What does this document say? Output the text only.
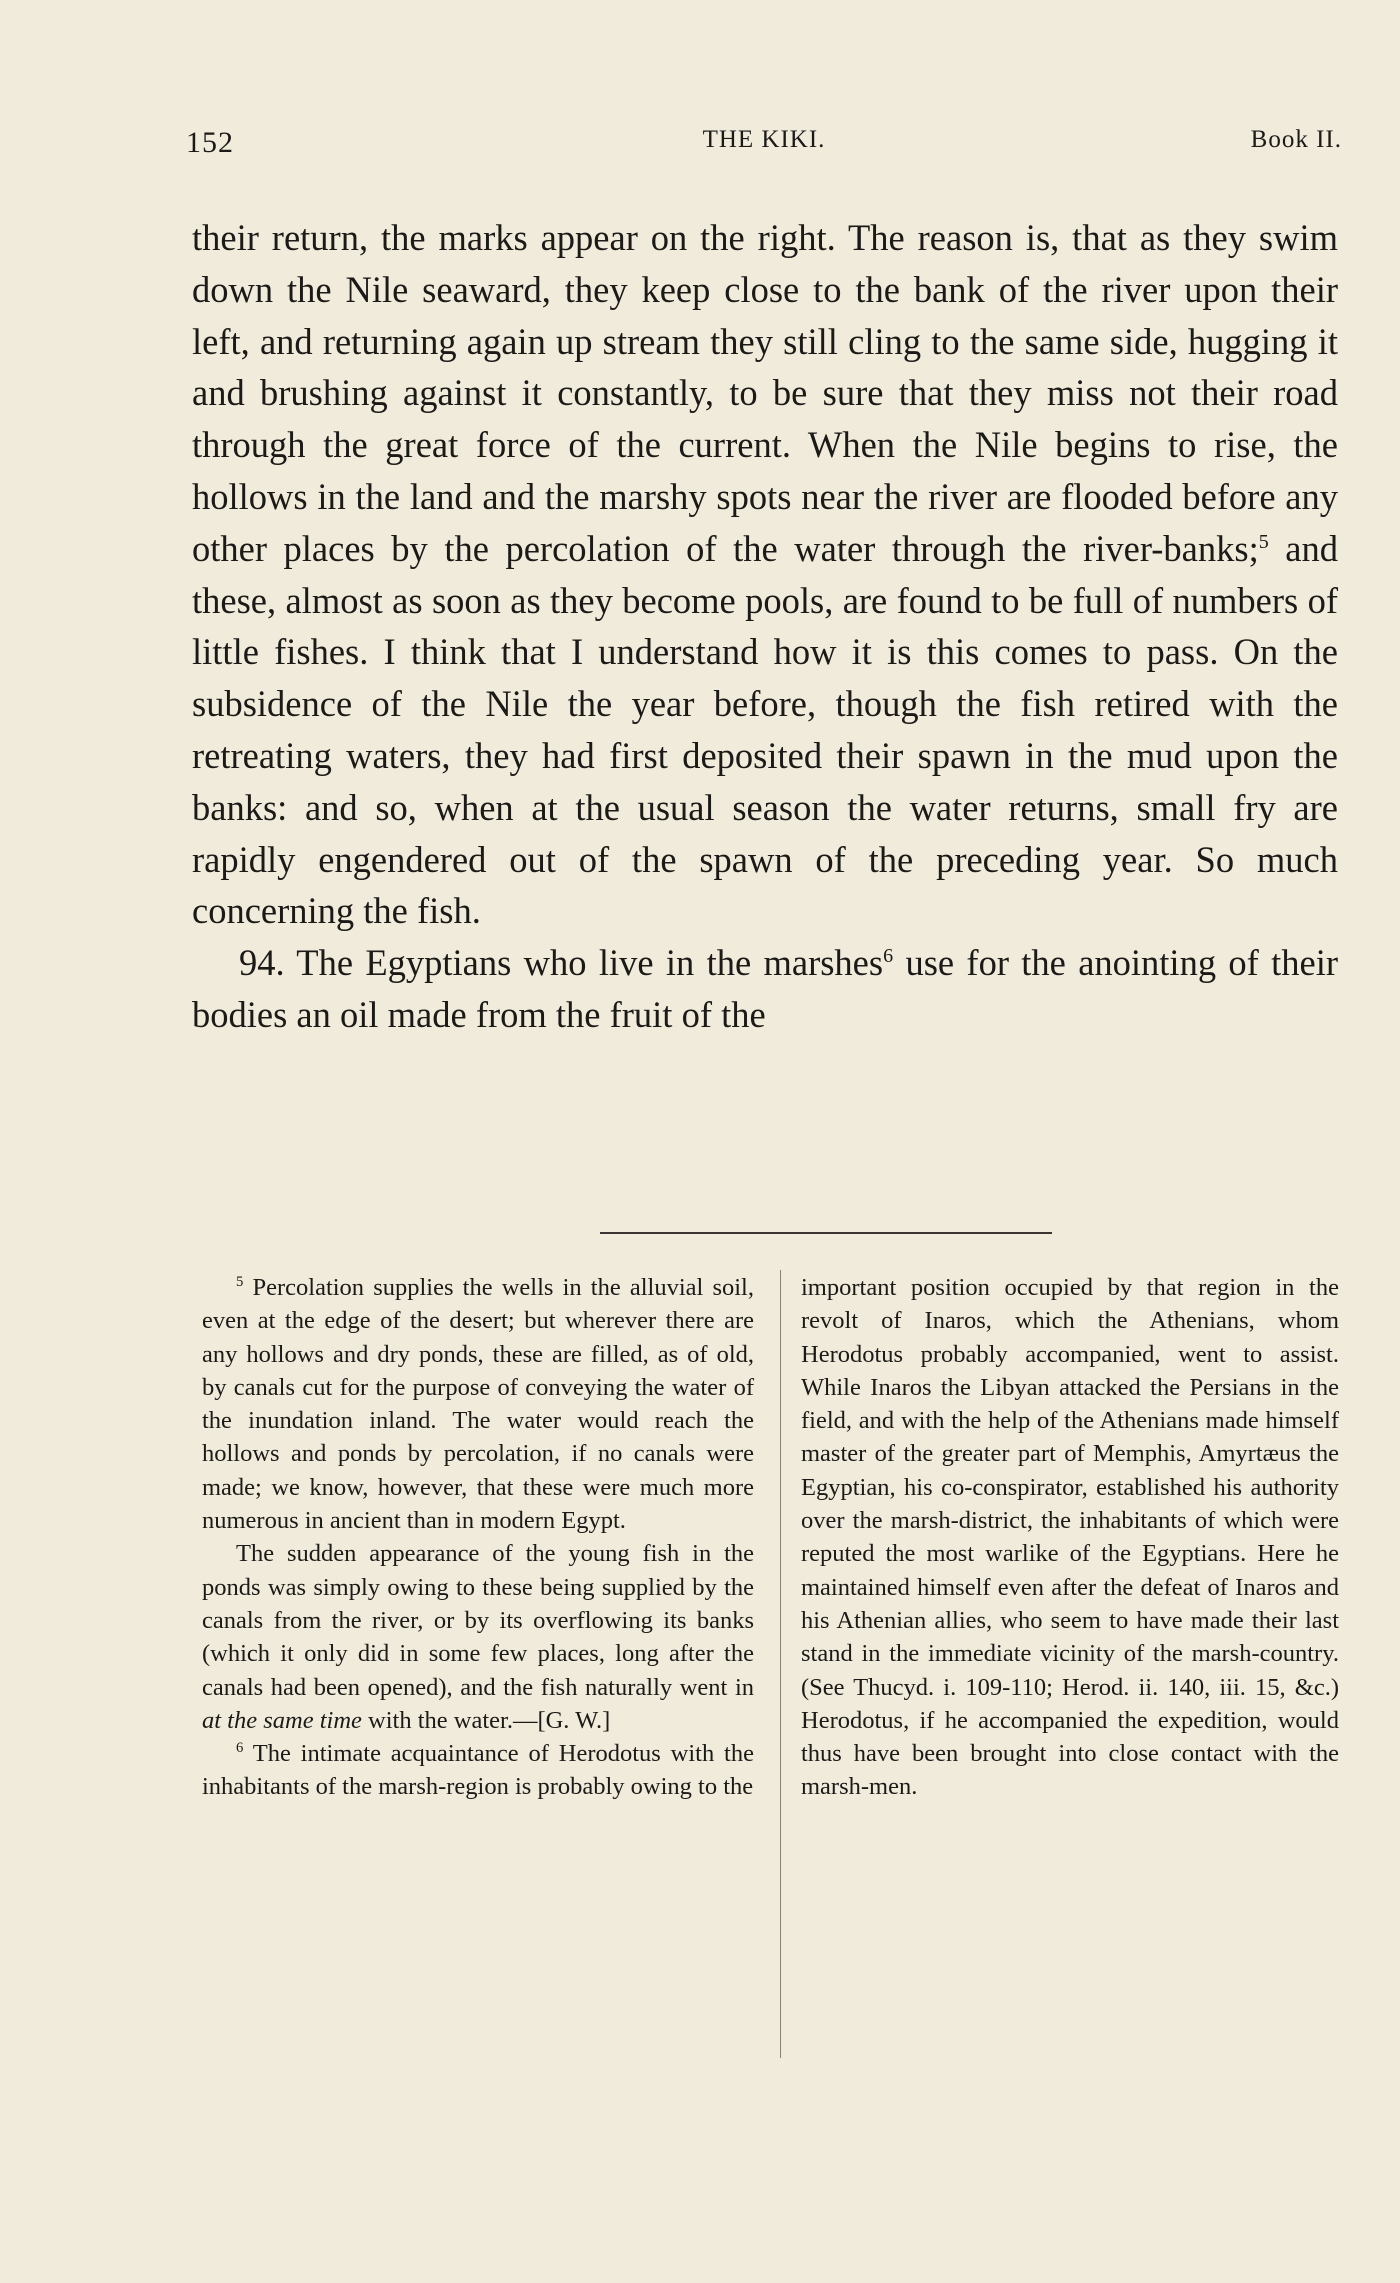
152	THE KIKI.	Book II.

their return, the marks appear on the right. The reason is, that as they swim down the Nile seaward, they keep close to the bank of the river upon their left, and returning again up stream they still cling to the same side, hugging it and brushing against it constantly, to be sure that they miss not their road through the great force of the current. When the Nile begins to rise, the hollows in the land and the marshy spots near the river are flooded before any other places by the percolation of the water through the river-banks;$^5$ and these, almost as soon as they become pools, are found to be full of numbers of little fishes. I think that I understand how it is this comes to pass. On the subsidence of the Nile the year before, though the fish retired with the retreating waters, they had first deposited their spawn in the mud upon the banks: and so, when at the usual season the water returns, small fry are rapidly engendered out of the spawn of the preceding year. So much concerning the fish.

94. The Egyptians who live in the marshes$^6$ use for the anointing of their bodies an oil made from the fruit of the

$^5$ Percolation supplies the wells in the alluvial soil, even at the edge of the desert; but wherever there are any hollows and dry ponds, these are filled, as of old, by canals cut for the purpose of conveying the water of the inundation inland. The water would reach the hollows and ponds by percolation, if no canals were made; we know, however, that these were much more numerous in ancient than in modern Egypt.

The sudden appearance of the young fish in the ponds was simply owing to these being supplied by the canals from the river, or by its overflowing its banks (which it only did in some few places, long after the canals had been opened), and the fish naturally went in at the same time with the water.—[G. W.]

$^6$ The intimate acquaintance of Herodotus with the inhabitants of the marsh-region is probably owing to the

important position occupied by that region in the revolt of Inaros, which the Athenians, whom Herodotus probably accompanied, went to assist. While Inaros the Libyan attacked the Persians in the field, and with the help of the Athenians made himself master of the greater part of Memphis, Amyrtæus the Egyptian, his co-conspirator, established his authority over the marsh-district, the inhabitants of which were reputed the most warlike of the Egyptians. Here he maintained himself even after the defeat of Inaros and his Athenian allies, who seem to have made their last stand in the immediate vicinity of the marsh-country. (See Thucyd. i. 109-110; Herod. ii. 140, iii. 15, &c.) Herodotus, if he accompanied the expedition, would thus have been brought into close contact with the marsh-men.
